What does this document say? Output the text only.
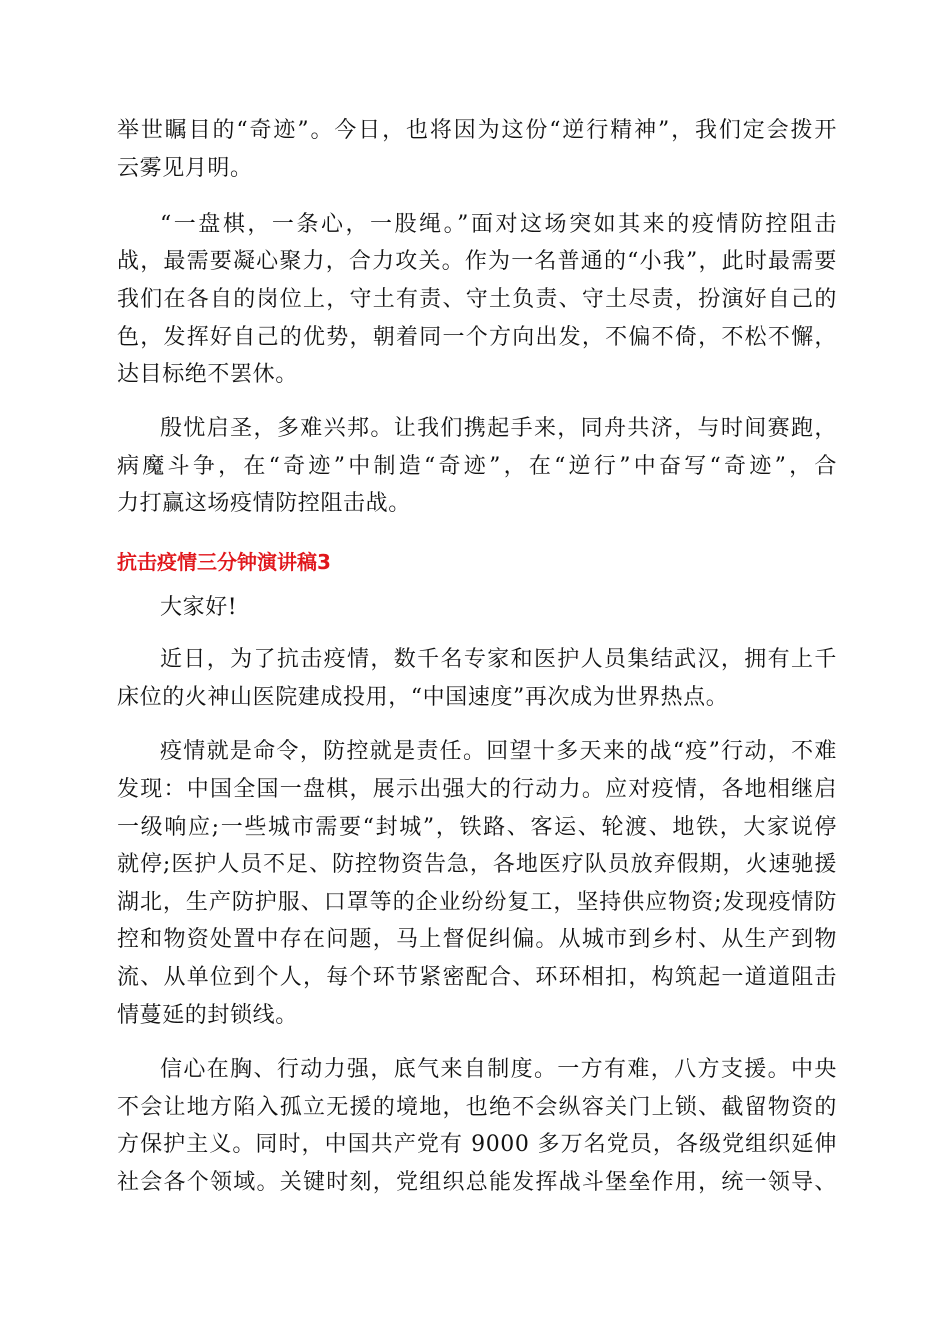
举世瞩目的“奇迹”。今日，也将因为这份“逆行精神”，我们定会拨开
云雾见月明。
“一盘棋，一条心，一股绳。”面对这场突如其来的疫情防控阻击
战，最需要凝心聚力，合力攻关。作为一名普通的“小我”，此时最需要
我们在各自的岗位上，守土有责、守土负责、守土尽责，扮演好自己的
色，发挥好自己的优势，朝着同一个方向出发，不偏不倚，不松不懈，
达目标绝不罢休。
殷忧启圣，多难兴邦。让我们携起手来，同舟共济，与时间赛跑，
病魔斗争，在“奇迹”中制造“奇迹”，在“逆行”中奋写“奇迹”，合
力打赢这场疫情防控阻击战。
抗击疫情三分钟演讲稿3
大家好!
近日，为了抗击疫情，数千名专家和医护人员集结武汉，拥有上千
床位的火神山医院建成投用，“中国速度”再次成为世界热点。
疫情就是命令，防控就是责任。回望十多天来的战“疫”行动，不难
发现：中国全国一盘棋，展示出强大的行动力。应对疫情，各地相继启
一级响应;一些城市需要“封城”，铁路、客运、轮渡、地铁，大家说停
就停;医护人员不足、防控物资告急，各地医疗队员放弃假期，火速驰援
湖北，生产防护服、口罩等的企业纷纷复工，坚持供应物资;发现疫情防
控和物资处置中存在问题，马上督促纠偏。从城市到乡村、从生产到物
流、从单位到个人，每个环节紧密配合、环环相扣，构筑起一道道阻击
情蔓延的封锁线。
信心在胸、行动力强，底气来自制度。一方有难，八方支援。中央
不会让地方陷入孤立无援的境地，也绝不会纵容关门上锁、截留物资的
方保护主义。同时，中国共产党有 9000 多万名党员，各级党组织延伸
社会各个领域。关键时刻，党组织总能发挥战斗堡垒作用，统一领导、
